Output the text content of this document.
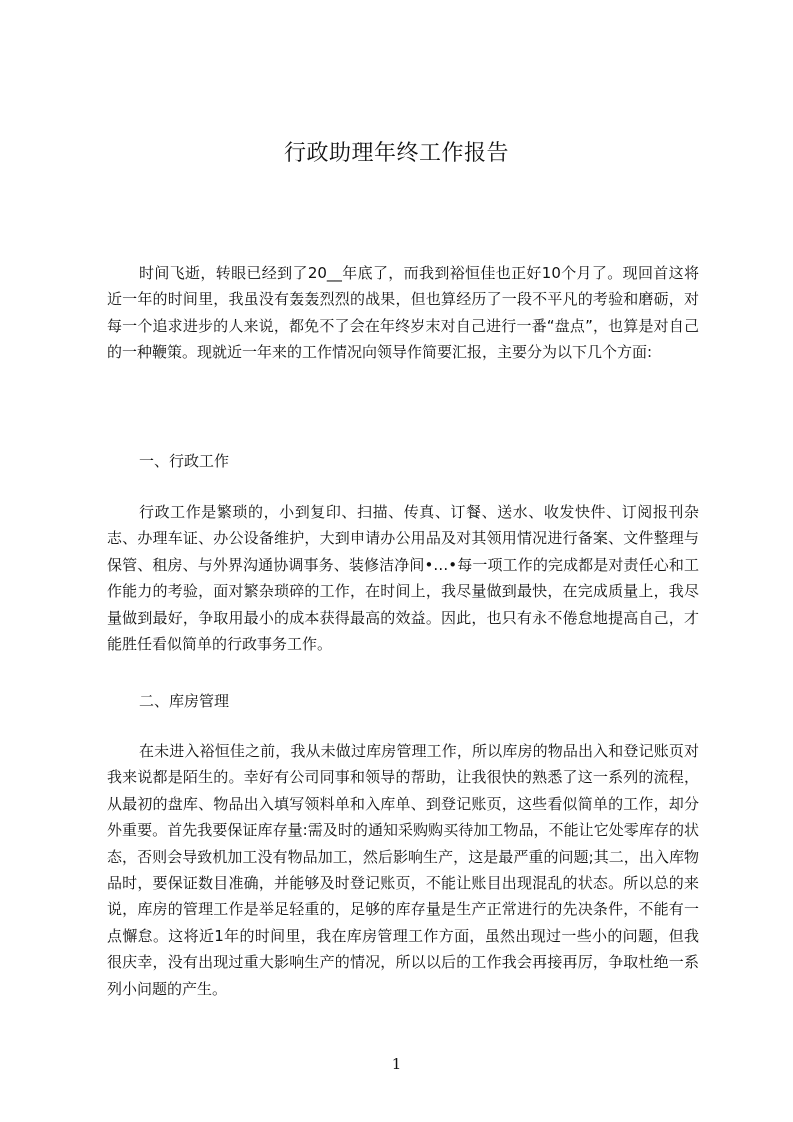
行政助理年终工作报告

时间飞逝，转眼已经到了20__年底了，而我到裕恒佳也正好10个月了。现回首这将近一年的时间里，我虽没有轰轰烈烈的战果，但也算经历了一段不平凡的考验和磨砺，对每一个追求进步的人来说，都免不了会在年终岁末对自己进行一番“盘点”，也算是对自己的一种鞭策。现就近一年来的工作情况向领导作简要汇报，主要分为以下几个方面:

一、行政工作

行政工作是繁琐的，小到复印、扫描、传真、订餐、送水、收发快件、订阅报刊杂志、办理车证、办公设备维护，大到申请办公用品及对其领用情况进行备案、文件整理与保管、租房、与外界沟通协调事务、装修洁净间•…•每一项工作的完成都是对责任心和工作能力的考验，面对繁杂琐碎的工作，在时间上，我尽量做到最快，在完成质量上，我尽量做到最好，争取用最小的成本获得最高的效益。因此，也只有永不倦怠地提高自己，才能胜任看似简单的行政事务工作。

二、库房管理

在未进入裕恒佳之前，我从未做过库房管理工作，所以库房的物品出入和登记账页对我来说都是陌生的。幸好有公司同事和领导的帮助，让我很快的熟悉了这一系列的流程，从最初的盘库、物品出入填写领料单和入库单、到登记账页，这些看似简单的工作，却分外重要。首先我要保证库存量:需及时的通知采购购买待加工物品，不能让它处零库存的状态，否则会导致机加工没有物品加工，然后影响生产，这是最严重的问题;其二，出入库物品时，要保证数目准确，并能够及时登记账页，不能让账目出现混乱的状态。所以总的来说，库房的管理工作是举足轻重的，足够的库存量是生产正常进行的先决条件，不能有一点懈怠。这将近1年的时间里，我在库房管理工作方面，虽然出现过一些小的问题，但我很庆幸，没有出现过重大影响生产的情况，所以以后的工作我会再接再厉，争取杜绝一系列小问题的产生。

1
